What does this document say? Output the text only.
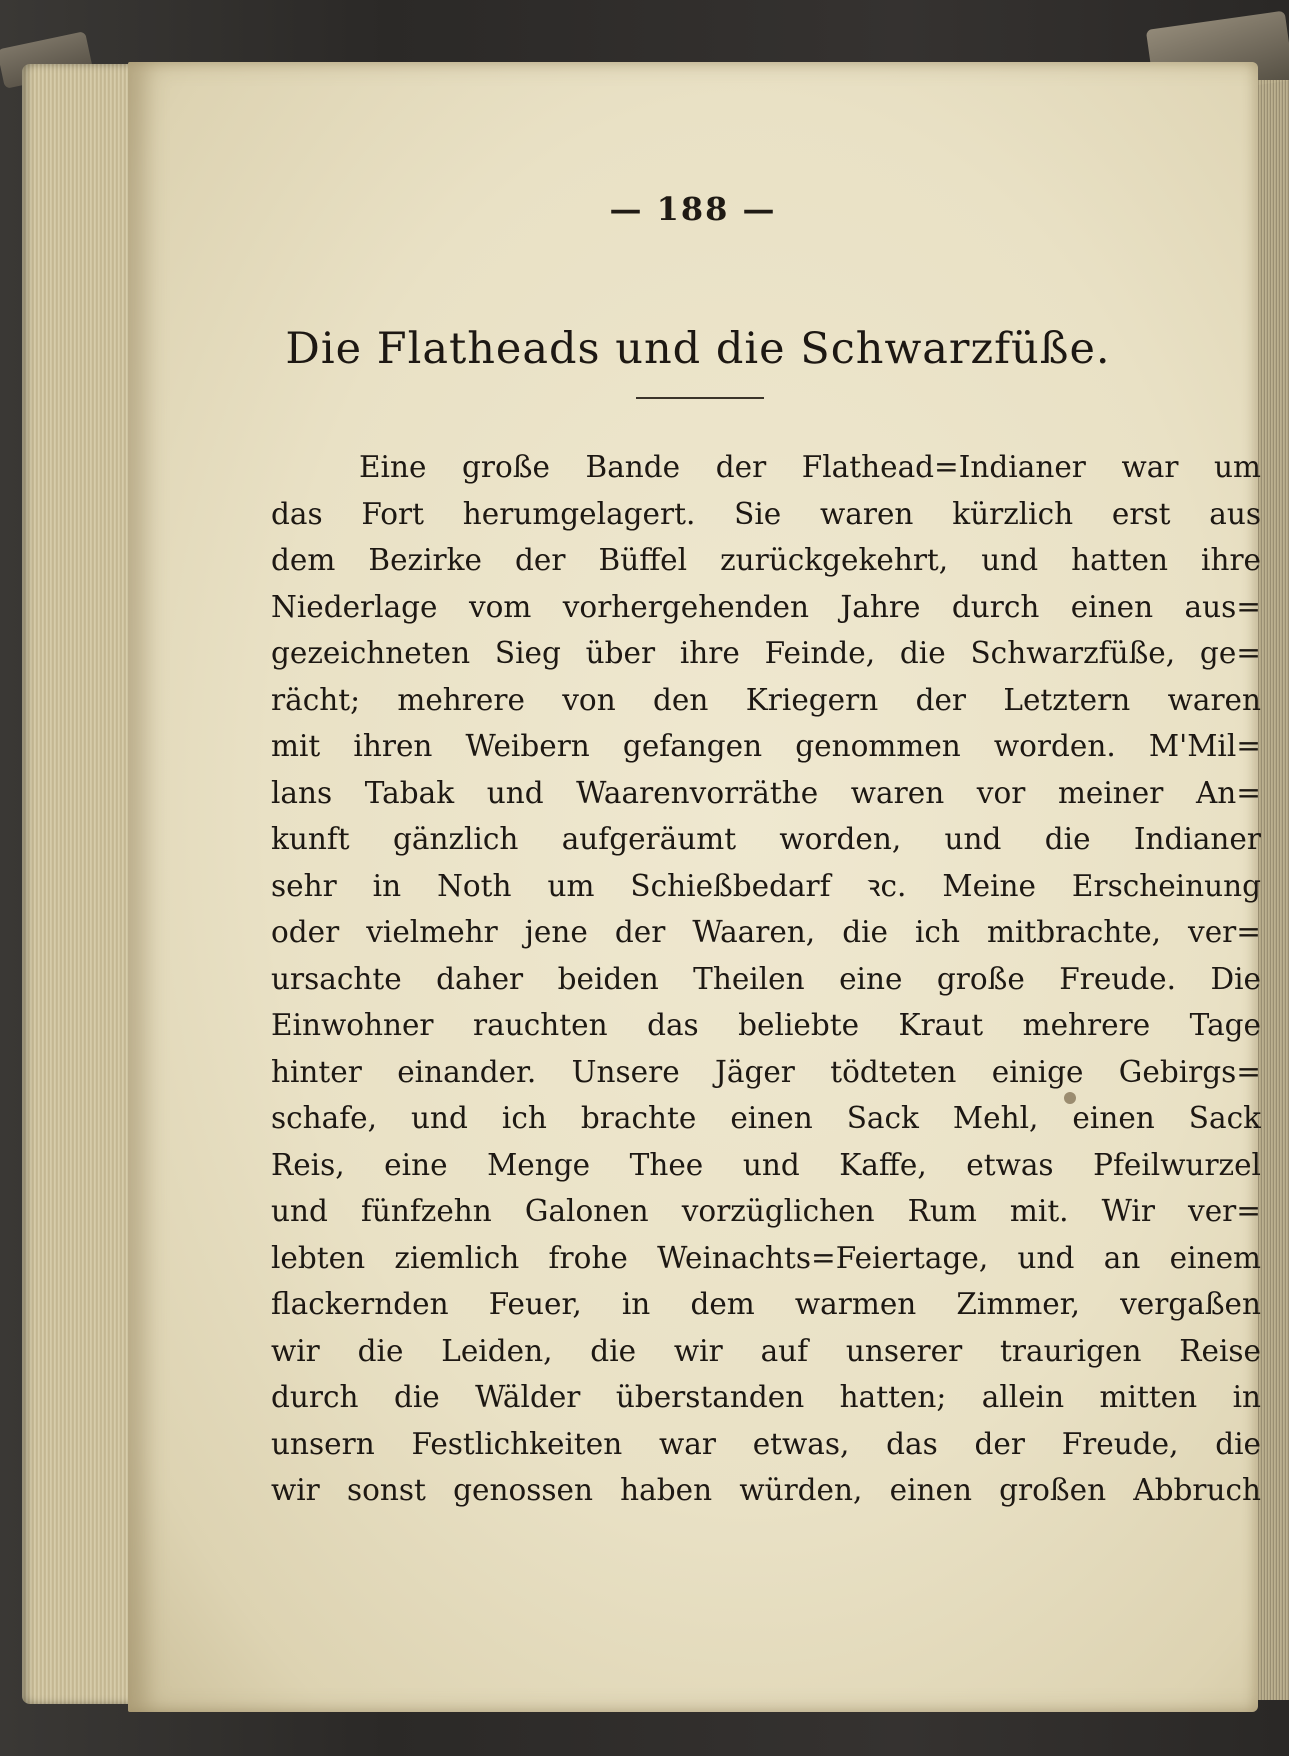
— 188 —
Die Flatheads und die Schwarzfüße.
Eine große Bande der Flathead=Indianer war um
das Fort herumgelagert. Sie waren kürzlich erst aus
dem Bezirke der Büffel zurückgekehrt, und hatten ihre
Niederlage vom vorhergehenden Jahre durch einen aus=
gezeichneten Sieg über ihre Feinde, die Schwarzfüße, ge=
rächt; mehrere von den Kriegern der Letztern waren
mit ihren Weibern gefangen genommen worden. M'Mil=
lans Tabak und Waarenvorräthe waren vor meiner An=
kunft gänzlich aufgeräumt worden, und die Indianer
sehr in Noth um Schießbedarf ꝛc. Meine Erscheinung
oder vielmehr jene der Waaren, die ich mitbrachte, ver=
ursachte daher beiden Theilen eine große Freude. Die
Einwohner rauchten das beliebte Kraut mehrere Tage
hinter einander. Unsere Jäger tödteten einige Gebirgs=
schafe, und ich brachte einen Sack Mehl, einen Sack
Reis, eine Menge Thee und Kaffe, etwas Pfeilwurzel
und fünfzehn Galonen vorzüglichen Rum mit. Wir ver=
lebten ziemlich frohe Weinachts=Feiertage, und an einem
flackernden Feuer, in dem warmen Zimmer, vergaßen
wir die Leiden, die wir auf unserer traurigen Reise
durch die Wälder überstanden hatten; allein mitten in
unsern Festlichkeiten war etwas, das der Freude, die
wir sonst genossen haben würden, einen großen Abbruch
